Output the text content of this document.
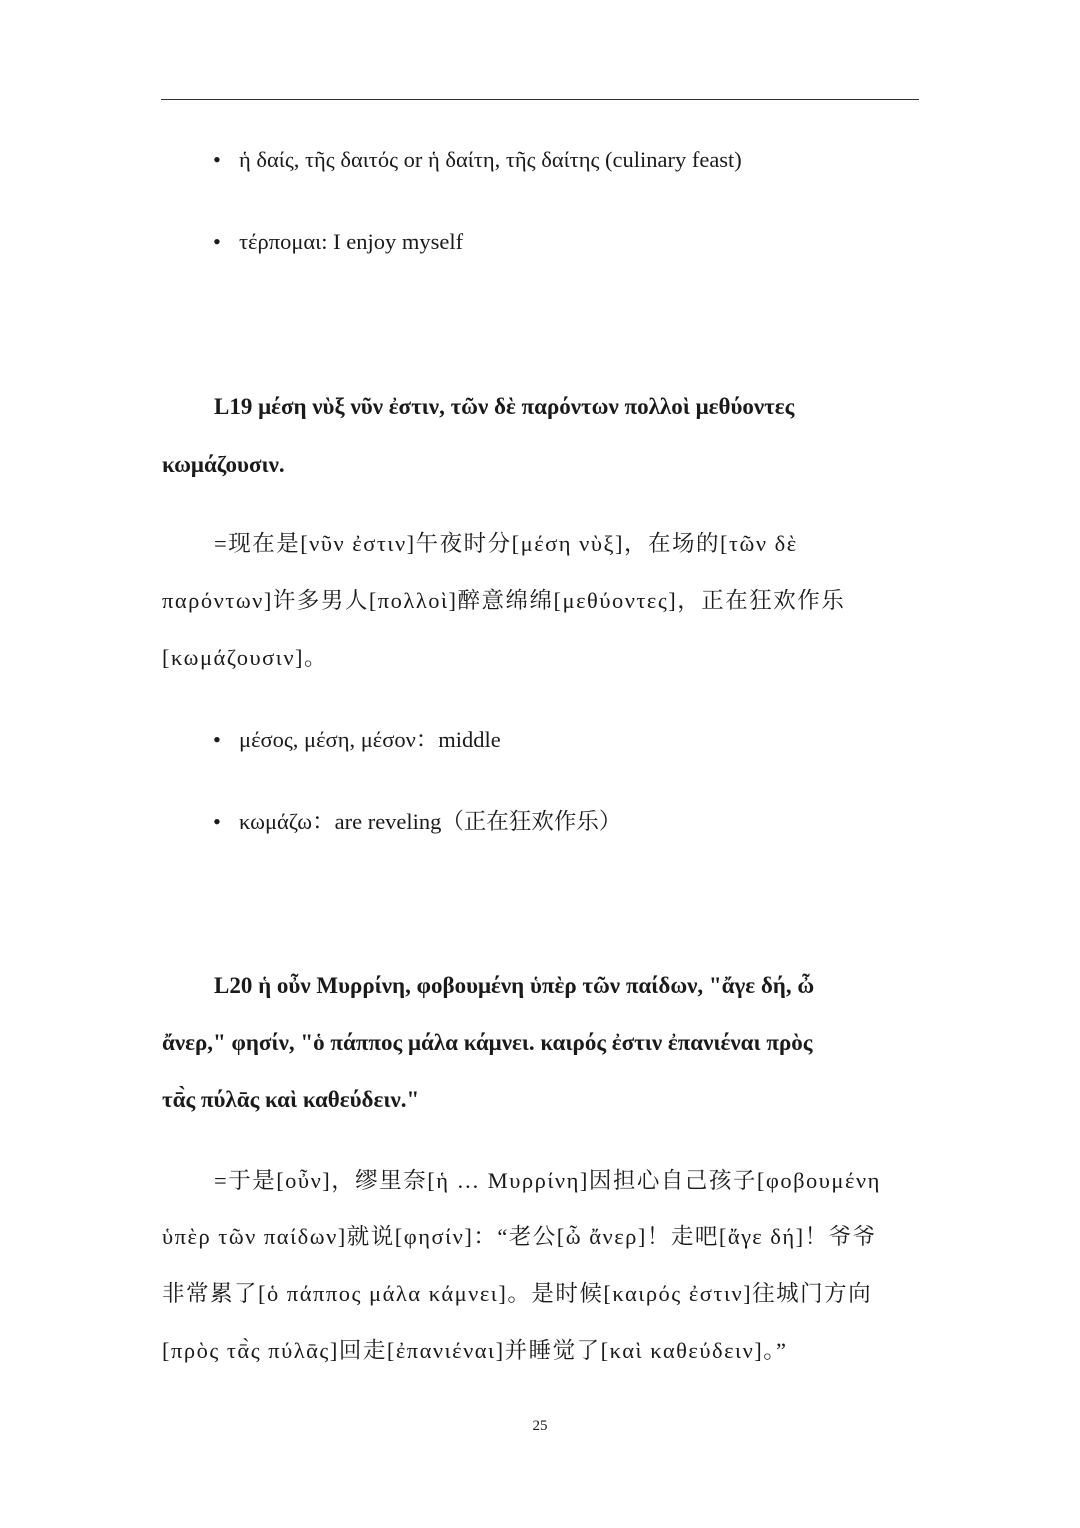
• ἡ δαίς, τῆς δαιτός or ἡ δαίτη, τῆς δαίτης (culinary feast)
• τέρπομαι: I enjoy myself
L19 μέση νὺξ νῦν ἐστιν, τῶν δὲ παρόντων πολλοὶ μεθύοντες
κωμάζουσιν.
=现在是[νῦν ἐστιν]午夜时分[μέση νὺξ]，在场的[τῶν δὲ
παρόντων]许多男人[πολλοὶ]醉意绵绵[μεθύοντες]，正在狂欢作乐
[κωμάζουσιν]。
• μέσος, μέση, μέσον：middle
• κωμάζω：are reveling（正在狂欢作乐）
L20 ἡ οὖν Μυρρίνη, φοβουμένη ὑπὲρ τῶν παίδων, "ἄγε δή, ὦ
ἄνερ," φησίν, "ὁ πάππος μάλα κάμνει. καιρός ἐστιν ἐπανιέναι πρὸς
τᾱ̀ς πύλᾱς καὶ καθεύδειν."
=于是[οὖν]，缪里奈[ἡ … Μυρρίνη]因担心自己孩子[φοβουμένη
ὑπὲρ τῶν παίδων]就说[φησίν]：“老公[ὦ ἄνερ]！走吧[ἄγε δή]！爷爷
非常累了[ὁ πάππος μάλα κάμνει]。是时候[καιρός ἐστιν]往城门方向
[πρὸς τᾱ̀ς πύλᾱς]回走[ἐπανιέναι]并睡觉了[καὶ καθεύδειν]。”
25
